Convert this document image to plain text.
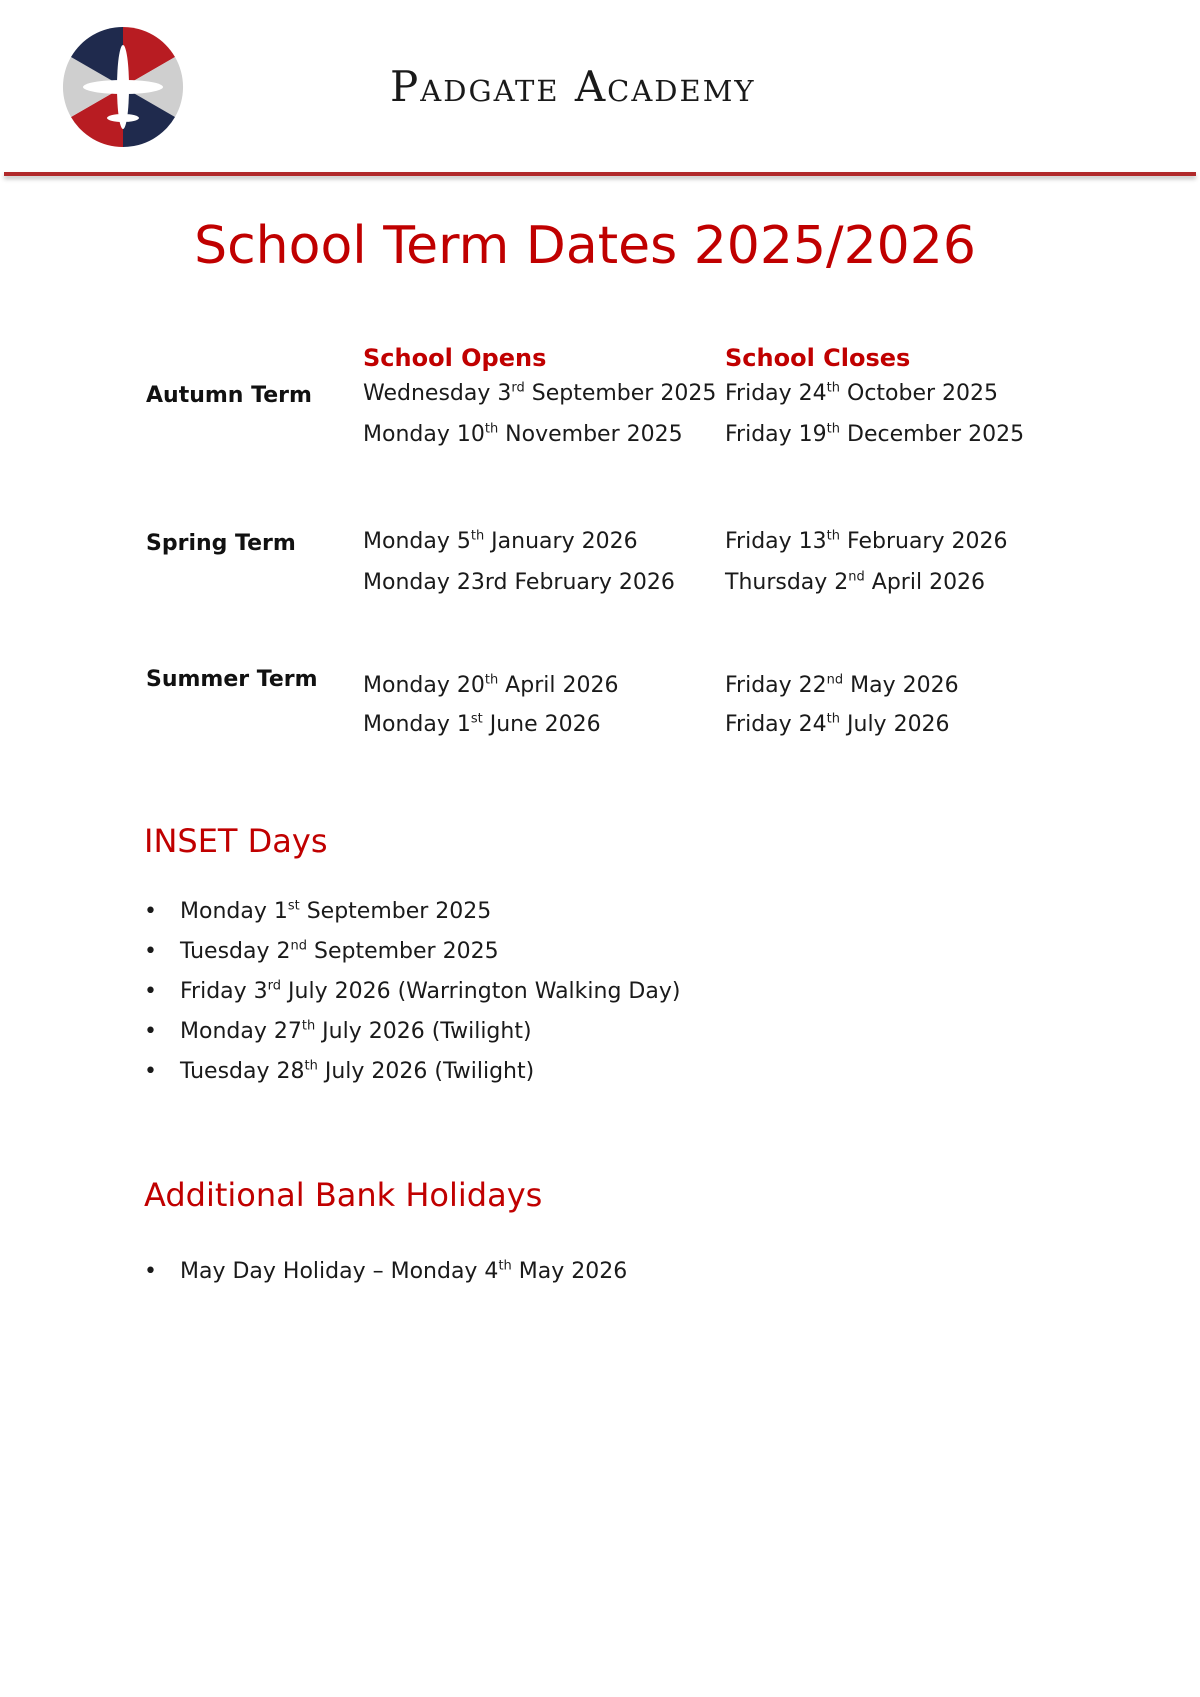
Padgate Academy
School Term Dates 2025/2026
School Opens	School Closes
Autumn Term Wednesday 3rd September 2025 Friday 24th October 2025
Monday 10th November 2025 Friday 19th December 2025
Spring Term	Monday 5th January 2026	Friday 13th February 2026
Monday 23rd February 2026 Thursday 2nd April 2026
Summer Term Monday 20th April 2026	Friday 22nd May 2026
Monday 1st June 2026	Friday 24th July 2026
INSET Days
• Monday 1st September 2025
• Tuesday 2nd September 2025
• Friday 3rd July 2026 (Warrington Walking Day)
• Monday 27th July 2026 (Twilight)
• Tuesday 28th July 2026 (Twilight)
Additional Bank Holidays
• May Day Holiday – Monday 4th May 2026
